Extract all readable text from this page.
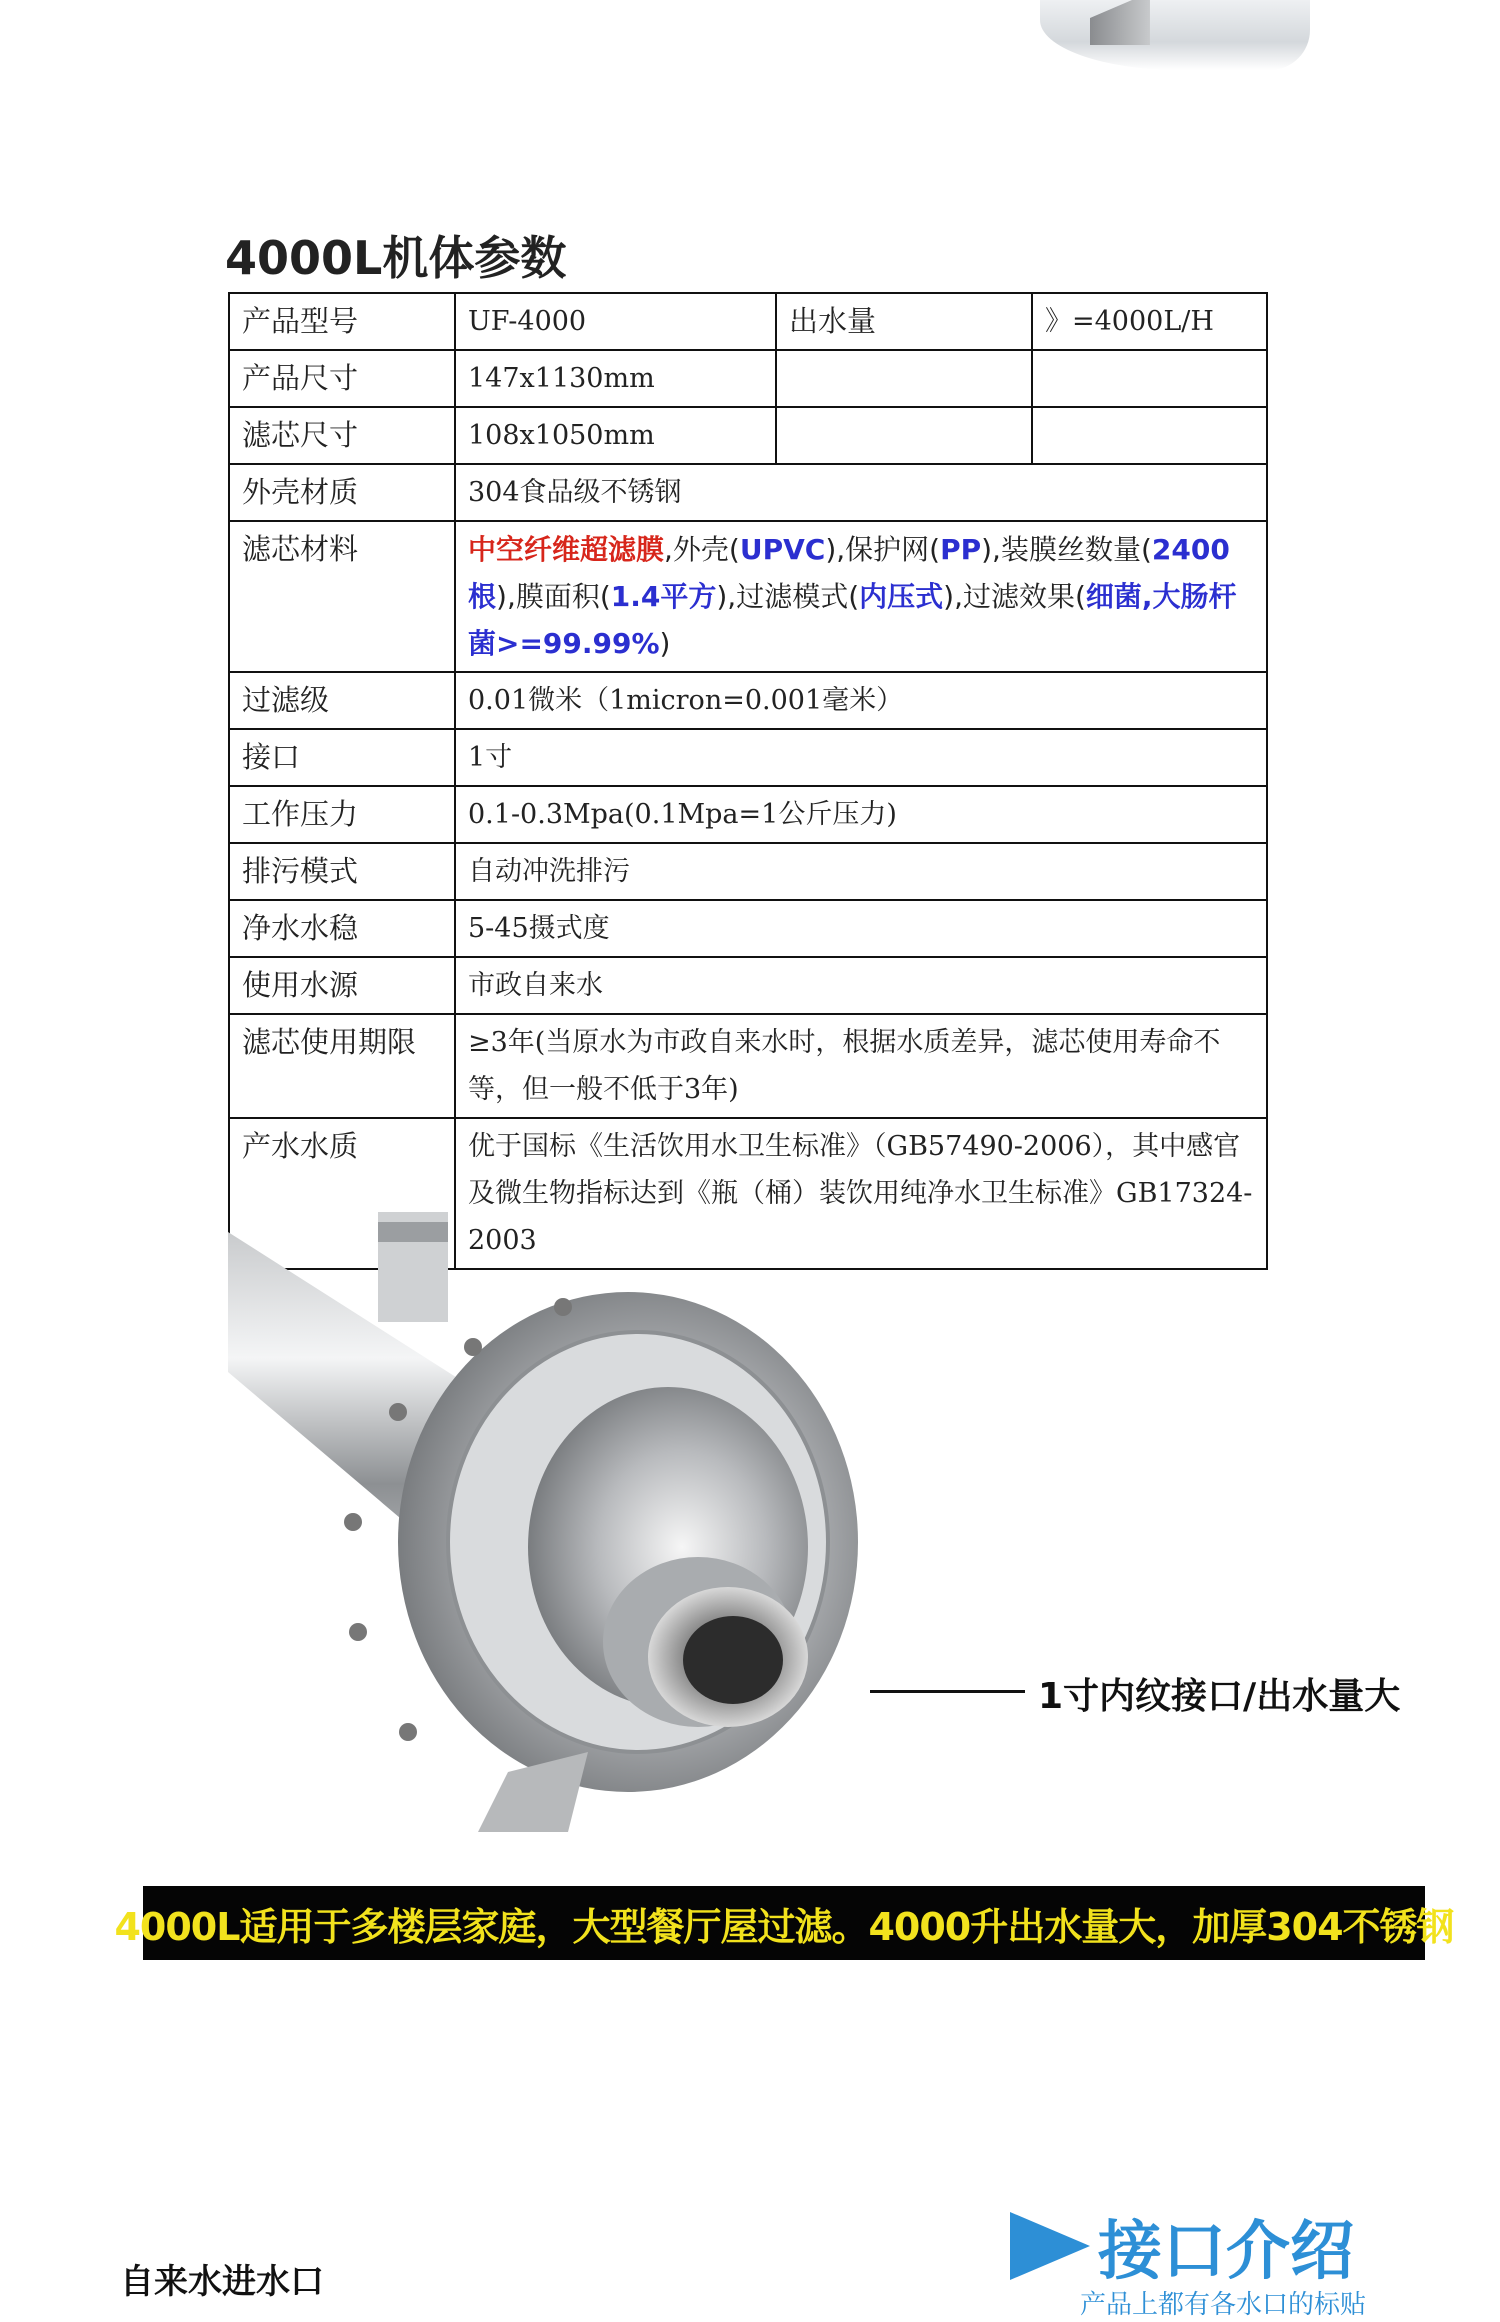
4000L机体参数
产品型号	UF-4000	出水量	》=4000L/H
产品尺寸	147x1130mm		
滤芯尺寸	108x1050mm		
外壳材质	304食品级不锈钢		
滤芯材料	中空纤维超滤膜,外壳(UPVC),保护网(PP),装膜丝数量(2400根),膜面积(1.4平方),过滤模式(内压式),过滤效果(细菌,大肠杆菌>=99.99%)		
过滤级	0.01微米（1micron=0.001毫米）		
接口	1寸		
工作压力	0.1-0.3Mpa(0.1Mpa=1公斤压力)		
排污模式	自动冲洗排污		
净水水稳	5-45摄式度		
使用水源	市政自来水		
滤芯使用期限	≥3年(当原水为市政自来水时，根据水质差异，滤芯使用寿命不等，但一般不低于3年)		
产水水质	优于国标《生活饮用水卫生标准》（GB57490-2006），其中感官及微生物指标达到《瓶（桶）装饮用纯净水卫生标准》GB17324-2003		
1寸内纹接口/出水量大
4000L适用于多楼层家庭，大型餐厅屋过滤。4000升出水量大，加厚304不锈钢
自来水进水口	接口介绍
产品上都有各水口的标贴
